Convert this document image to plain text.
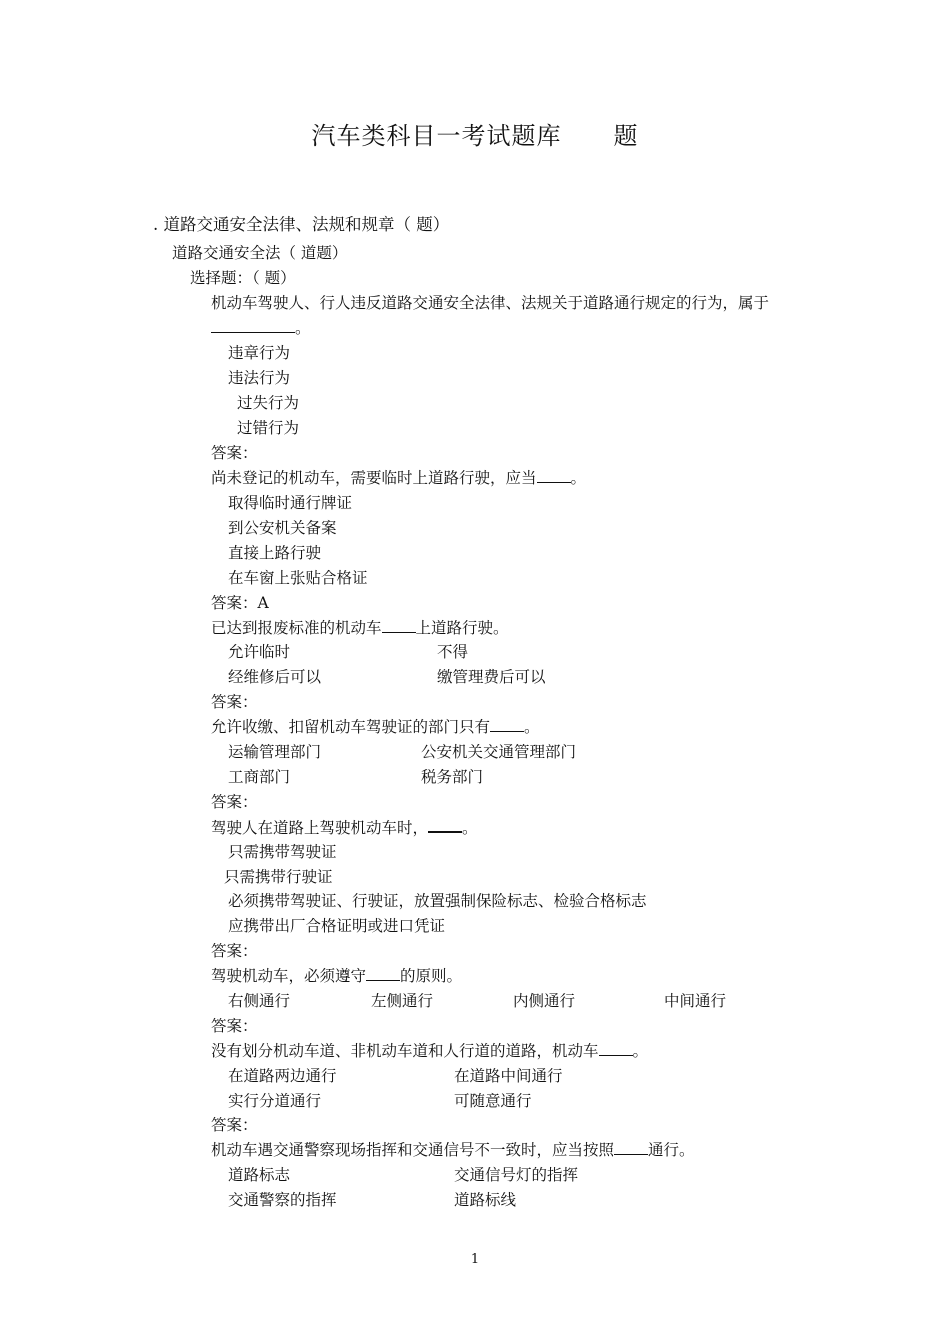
汽车类科目一考试题库 题
. 道路交通安全法律、法规和规章（ 题）
道路交通安全法（ 道题）
选择题：（ 题）
机动车驾驶人、行人违反道路交通安全法律、法规关于道路通行规定的行为，属于
。
违章行为
违法行为
过失行为
过错行为
答案：
尚未登记的机动车，需要临时上道路行驶，应当 。
取得临时通行牌证
到公安机关备案
直接上路行驶
在车窗上张贴合格证
答案：A
已达到报废标准的机动车 上道路行驶。
允许临时	不得
经维修后可以	缴管理费后可以
答案：
允许收缴、扣留机动车驾驶证的部门只有 。
运输管理部门	公安机关交通管理部门
工商部门	税务部门
答案：
驾驶人在道路上驾驶机动车时， 。
只需携带驾驶证
只需携带行驶证
必须携带驾驶证、行驶证，放置强制保险标志、检验合格标志
应携带出厂合格证明或进口凭证
答案：
驾驶机动车，必须遵守 的原则。
右侧通行	左侧通行	内侧通行	中间通行
答案：
没有划分机动车道、非机动车道和人行道的道路，机动车 。
在道路两边通行	在道路中间通行
实行分道通行	可随意通行
答案：
机动车遇交通警察现场指挥和交通信号不一致时，应当按照 通行。
道路标志	交通信号灯的指挥
交通警察的指挥	道路标线
1
